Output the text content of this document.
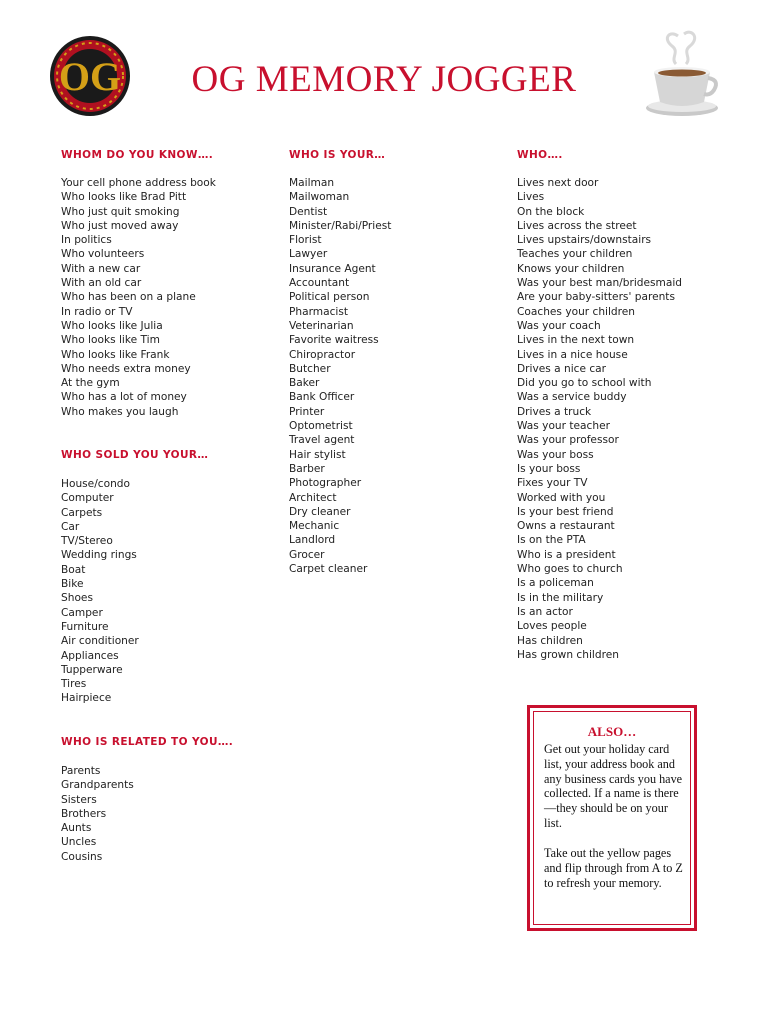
OG	OG MEMORY JOGGER
WHOM DO YOU KNOW….
Your cell phone address book
Who looks like Brad Pitt
Who just quit smoking
Who just moved away
In politics
Who volunteers
With a new car
With an old car
Who has been on a plane
In radio or TV
Who looks like Julia
Who looks like Tim
Who looks like Frank
Who needs extra money
At the gym
Who has a lot of money
Who makes you laugh
WHO SOLD YOU YOUR…
House/condo
Computer
Carpets
Car
TV/Stereo
Wedding rings
Boat
Bike
Shoes
Camper
Furniture
Air conditioner
Appliances
Tupperware
Tires
Hairpiece
WHO IS RELATED TO YOU….
Parents
Grandparents
Sisters
Brothers
Aunts
Uncles
Cousins
WHO IS YOUR…
Mailman
Mailwoman
Dentist
Minister/Rabi/Priest
Florist
Lawyer
Insurance Agent
Accountant
Political person
Pharmacist
Veterinarian
Favorite waitress
Chiropractor
Butcher
Baker
Bank Officer
Printer
Optometrist
Travel agent
Hair stylist
Barber
Photographer
Architect
Dry cleaner
Mechanic
Landlord
Grocer
Carpet cleaner
WHO….
Lives next door
Lives
On the block
Lives across the street
Lives upstairs/downstairs
Teaches your children
Knows your children
Was your best man/bridesmaid
Are your baby-sitters' parents
Coaches your children
Was your coach
Lives in the next town
Lives in a nice house
Drives a nice car
Did you go to school with
Was a service buddy
Drives a truck
Was your teacher
Was your professor
Was your boss
Is your boss
Fixes your TV
Worked with you
Is your best friend
Owns a restaurant
Is on the PTA
Who is a president
Who goes to church
Is a policeman
Is in the military
Is an actor
Loves people
Has children
Has grown children
ALSO…
Get out your holiday card list, your address book and any business cards you have collected. If a name is there—they should be on your list.
Take out the yellow pages and flip through from A to Z to refresh your memory.
